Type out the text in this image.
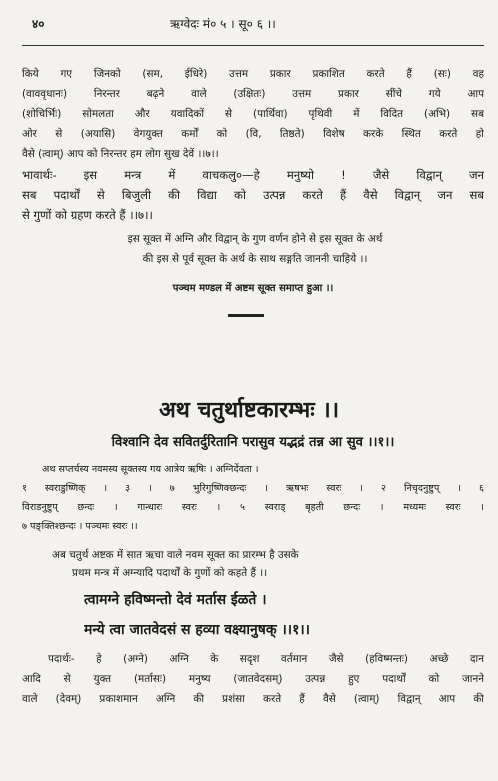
४०	ऋग्वेदः मं० ५ । सू० ६ ।।
किये गए जिनको (सम, ईधिरे) उत्तम प्रकार प्रकाशित करते हैं (सः) वह
(वाववृधानः) निरन्तर बढ़ने वाले (उक्षितः) उत्तम प्रकार सींचे गये आप
(शोचिर्भिः) सोमलता और यवादिकों से (पार्थिवा) पृथिवी में विदित (अभि) सब
ओर से (अयासि) वेगयुक्त कर्मों को (वि, तिष्ठते) विशेष करके स्थित करते हो
वैसे (त्वाम्) आप को निरन्तर हम लोग सुख देवें ।।७।।
भावार्थः- इस मन्त्र में वाचकलु०—हे मनुष्यो ! जैसे विद्वान् जन
सब पदार्थों से बिजुली की विद्या को उत्पन्न करते हैं वैसे विद्वान् जन सब
से गुणों को ग्रहण करते हैं ।।७।।
इस सूक्त में अग्नि और विद्वान् के गुण वर्णन होने से इस सूक्त के अर्थ
की इस से पूर्व सूक्त के अर्थ के साथ सङ्गति जाननी चाहिये ।।
पञ्चम मण्डल में अष्टम सूक्त समाप्त हुआ ।।
अथ चतुर्थाष्टकारम्भः ।।
विश्वानि देव सवितर्दुरितानि परासुव यद्भद्रं तन्न आ सुव ।।१।।
अथ सप्तर्चस्य नवमस्य सूक्तस्य गय आत्रेय ऋषिः । अग्निर्देवता ।
१ स्वराडुष्णिक् । ३ । ७ भुरिगुष्णिक्छन्दः । ऋषभः स्वरः । २ निचृदनुष्टुप् । ६
विराडनुष्टुप् छन्दः । गान्धारः स्वरः । ५ स्वराड् बृहती छन्दः । मध्यमः स्वरः ।
७ पङ्क्तिश्छन्दः । पञ्चमः स्वरः ।।
अब चतुर्थ अष्टक में सात ऋचा वाले नवम सूक्त का प्रारम्भ है उसके
प्रथम मन्त्र में अग्न्यादि पदार्थों के गुणों को कहते हैं ।।
त्वामग्ने हविष्मन्तो देवं मर्तास ईळते ।
मन्ये त्वा जातवेदसं स हव्या वक्ष्यानुषक् ।।१।।
पदार्थः- हे (अग्ने) अग्नि के सदृश वर्तमान जैसे (हविष्मन्तः) अच्छे दान
आदि से युक्त (मर्तासः) मनुष्य (जातवेदसम्) उत्पन्न हुए पदार्थों को जानने
वाले (देवम्) प्रकाशमान अग्नि की प्रशंसा करते हैं वैसे (त्वाम्) विद्वान् आप की
